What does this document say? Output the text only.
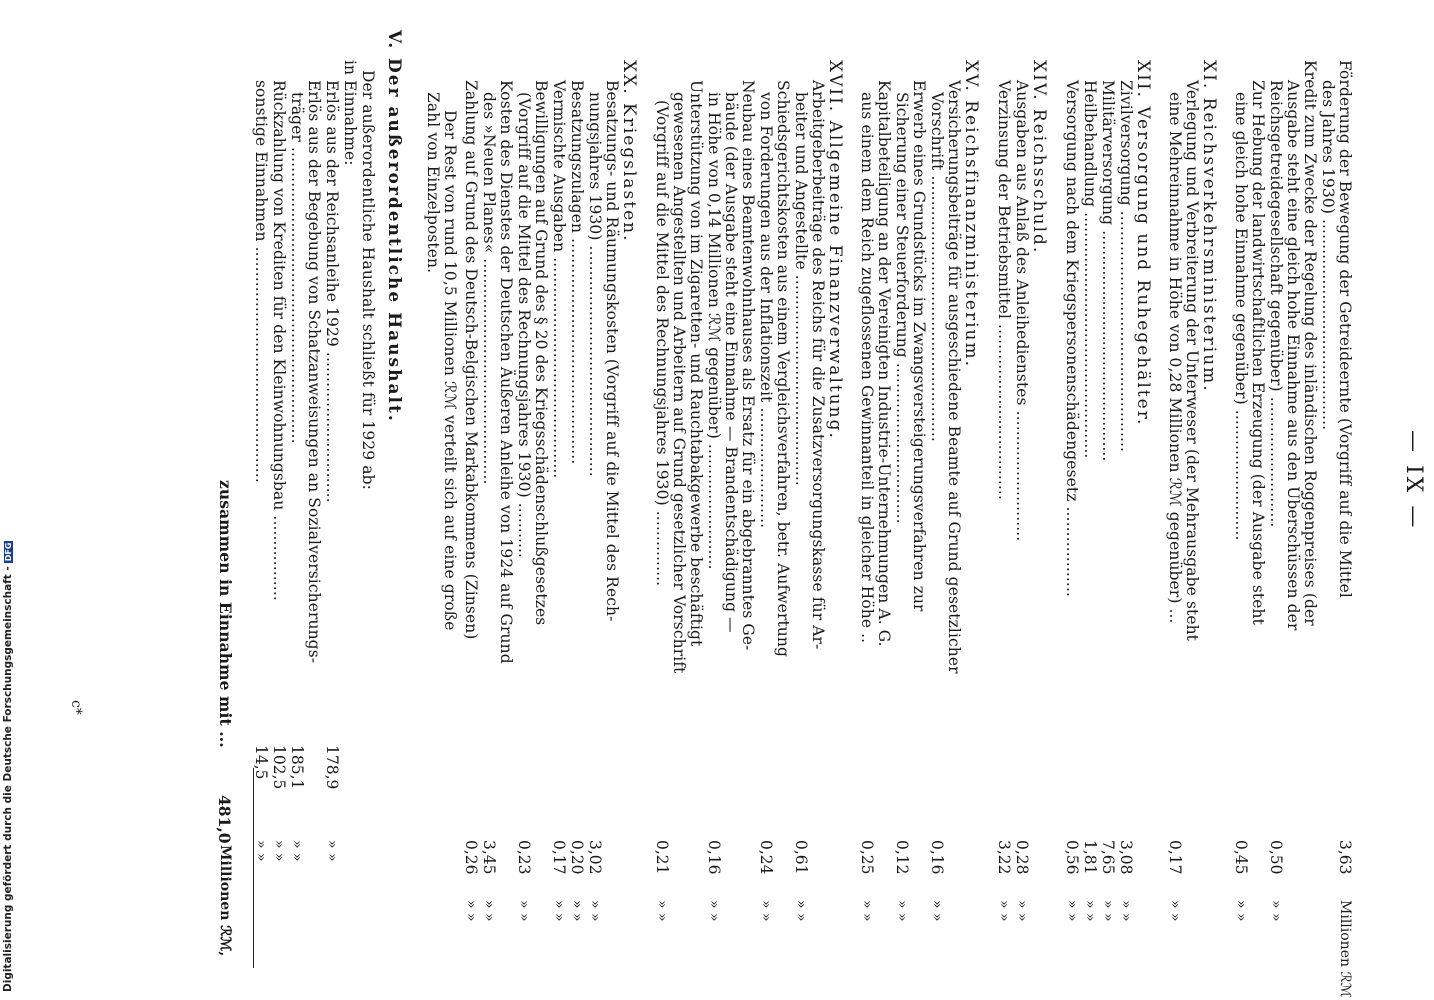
— IX —
Förderung der Bewegung der Getreideernte (Vorgriff auf die Mittel
3,63
Millionen ℛℳ
des Jahres 1930) ..........................................
Kredit zum Zwecke der Regelung des inländischen Roggenpreises (der
Ausgabe steht eine gleich hohe Einnahme aus den Überschüssen der
Reichsgetreidegesellschaft gegenüber) ..........................
0,50
» »
Zur Hebung der landwirtschaftlichen Erzeugung (der Ausgabe steht
eine gleich hohe Einnahme gegenüber) ..........................
0,45
» »
XI. Reichsverkehrsministerium.
Verlegung und Verbreiterung der Unterweser (der Mehrausgabe steht
eine Mehreinnahme in Höhe von 0,28 Millionen ℛℳ gegenüber) ...
0,17
» »
XII. Versorgung und Ruhegehälter.
Zivilversorgung ................................................
3,08
» »
Militärversorgung ..............................................
7,65
» »
Heilbehandlung .................................................
1,81
» »
Versorgung nach dem Kriegspersonenschädengesetz ..................
0,56
» »
XIV. Reichsschuld.
Ausgaben aus Anlaß des Anleihedienstes ..........................
0,28
» »
Verzinsung der Betriebsmittel ...................................
3,22
» »
XV. Reichsfinanzministerium.
Versicherungsbeiträge für ausgeschiedene Beamte auf Grund gesetzlicher
Vorschrift .....................................................
0,16
» »
Erwerb eines Grundstücks im Zwangsversteigerungsverfahren zur
Sicherung einer Steuerforderung ................................
0,12
» »
Kapitalbeteiligung an der Vereinigten Industrie-Unternehmungen A. G.
aus einem dem Reich zugeflossenen Gewinnanteil in gleicher Höhe ..
0,25
» »
XVII. Allgemeine Finanzverwaltung.
Arbeitgeberbeiträge des Reichs für die Zusatzversorgungskasse für Ar-
beiter und Angestellte ..........................................
0,61
» »
Schiedsgerichtskosten aus einem Vergleichsverfahren, betr. Aufwertung
von Forderungen aus der Inflationszeit ........................
0,24
» »
Neubau eines Beamtenwohnhauses als Ersatz für ein abgebranntes Ge-
bäude (der Ausgabe steht eine Einnahme — Brandentschädigung —
in Höhe von 0,14 Millionen ℛℳ gegenüber) .........................
0,16
» »
Unterstützung von im Zigaretten- und Rauchtabakgewerbe beschäftigt
gewesenen Angestellten und Arbeitern auf Grund gesetzlicher Vorschrift
(Vorgriff auf die Mittel des Rechnungsjahres 1930) ...............
0,21
» »
XX. Kriegslasten.
Besatzungs- und Räumungskosten (Vorgriff auf die Mittel des Rech-
nungsjahres 1930) ..............................................
3,02
» »
Besatzungszulagen .............................................
0,20
» »
Vermischte Ausgaben ............................................
0,17
» »
Bewilligungen auf Grund des § 20 des Kriegsschädenschlußgesetzes
(Vorgriff auf die Mittel des Rechnungsjahres 1930) ...........
0,23
» »
Kosten des Dienstes der Deutschen Äußeren Anleihe von 1924 auf Grund
des »Neuen Planes« .............................................
3,45
» »
Zahlung auf Grund des Deutsch-Belgischen Markabkommens (Zinsen)
0,26
» »
Der Rest von rund 10,5 Millionen ℛℳ verteilt sich auf eine große
Zahl von Einzelposten.
V. Der außerordentliche Haushalt.
Der außerordentliche Haushalt schließt für 1929 ab:
in Einnahme:
Erlös aus der Reichsanleihe 1929 ..............................
178,9
» »
Erlös aus der Begebung von Schatzanweisungen an Sozialversicherungs-
träger ...........................................................
185,1
» »
Rückzahlung von Krediten für den Kleinwohnungsbau .................
102,5
» »
sonstige Einnahmen ...............................................
14,5
» »
zusammen in Einnahme mit ...
481,0
Millionen ℛℳ,
c*
Digitalisierung gefördert durch die Deutsche Forschungsgemeinschaft -DFG
